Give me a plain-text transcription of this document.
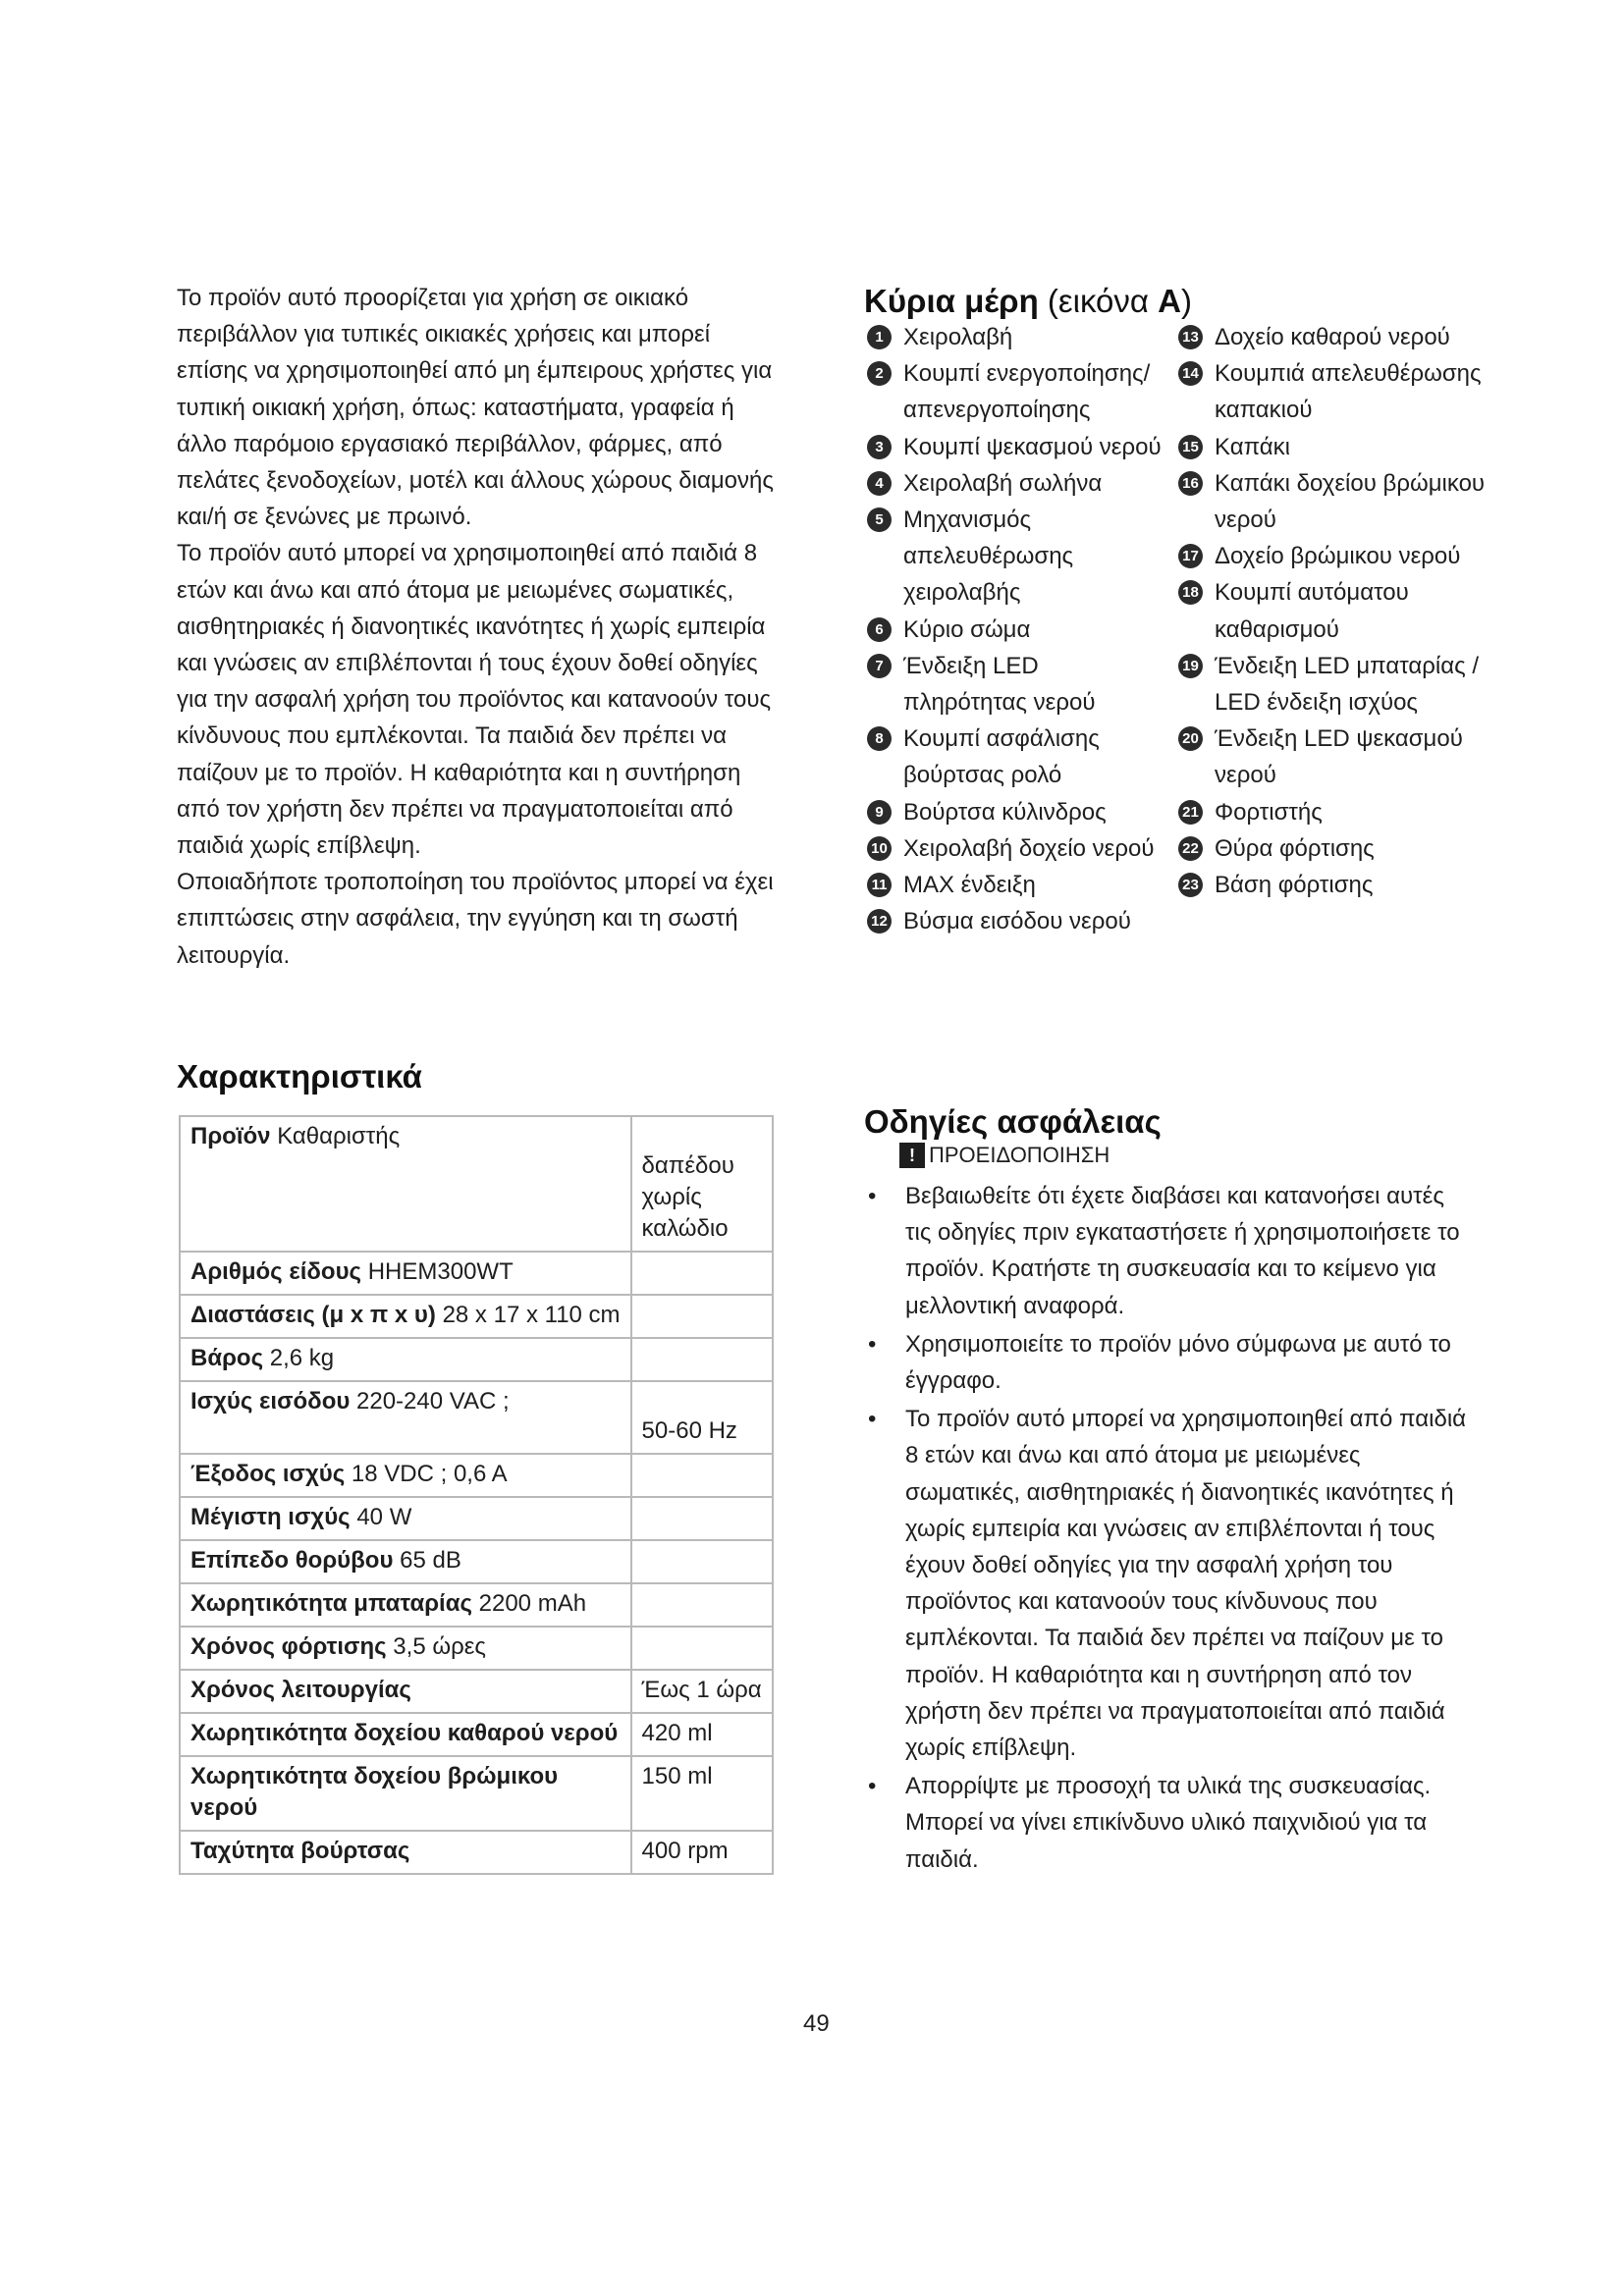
Το προϊόν αυτό προορίζεται για χρήση σε οικιακό περιβάλλον για τυπικές οικιακές χρήσεις και μπορεί επίσης να χρησιμοποιηθεί από μη έμπειρους χρήστες για τυπική οικιακή χρήση, όπως: καταστήματα, γραφεία ή άλλο παρόμοιο εργασιακό περιβάλλον, φάρμες, από πελάτες ξενοδοχείων, μοτέλ και άλλους χώρους διαμονής και/ή σε ξενώνες με πρωινό.

Το προϊόν αυτό μπορεί να χρησιμοποιηθεί από παιδιά 8 ετών και άνω και από άτομα με μειωμένες σωματικές, αισθητηριακές ή διανοητικές ικανότητες ή χωρίς εμπειρία και γνώσεις αν επιβλέπονται ή τους έχουν δοθεί οδηγίες για την ασφαλή χρήση του προϊόντος και κατανοούν τους κίνδυνους που εμπλέκονται. Τα παιδιά δεν πρέπει να παίζουν με το προϊόν. Η καθαριότητα και η συντήρηση από τον χρήστη δεν πρέπει να πραγματοποιείται από παιδιά χωρίς επίβλεψη.

Οποιαδήποτε τροποποίηση του προϊόντος μπορεί να έχει επιπτώσεις στην ασφάλεια, την εγγύηση και τη σωστή λειτουργία.

Χαρακτηριστικά
Προϊόν Καθαριστής	δαπέδου χωρίς καλώδιο

Αριθμός είδους HHEM300WT	
Διαστάσεις (μ x π x υ) 28 x 17 x 110 cm	
Βάρος 2,6 kg	
Ισχύς εισόδου 220-240 VAC ;	50-60 Hz

Έξοδος ισχύς 18 VDC ; 0,6 A	
Μέγιστη ισχύς 40 W	
Επίπεδο θορύβου 65 dB	
Χωρητικότητα μπαταρίας 2200 mAh	
Χρόνος φόρτισης 3,5 ώρες	
Χρόνος λειτουργίας	Έως 1 ώρα
Χωρητικότητα δοχείου καθαρού νερού	420 ml
Χωρητικότητα δοχείου βρώμικου νερού	150 ml
Ταχύτητα βούρτσας	400 rpm
Κύρια μέρη (εικόνα A)
1 Χειρολαβή
2 Κουμπί ενεργοποίησης/ απενεργοποίησης
3 Κουμπί ψεκασμού νερού
4 Χειρολαβή σωλήνα
5 Μηχανισμός απελευθέρωσης χειρολαβής
6 Κύριο σώμα
7 Ένδειξη LED πληρότητας νερού
8 Κουμπί ασφάλισης βούρτσας ρολό
9 Βούρτσα κύλινδρος
10 Χειρολαβή δοχείο νερού
11 MAX ένδειξη
12 Βύσμα εισόδου νερού
13 Δοχείο καθαρού νερού
14 Κουμπιά απελευθέρωσης καπακιού
15 Καπάκι
16 Καπάκι δοχείου βρώμικου νερού
17 Δοχείο βρώμικου νερού
18 Κουμπί αυτόματου καθαρισμού
19 Ένδειξη LED μπαταρίας / LED ένδειξη ισχύος
20 Ένδειξη LED ψεκασμού νερού
21 Φορτιστής
22 Θύρα φόρτισης
23 Βάση φόρτισης
Οδηγίες ασφάλειας
! ΠΡΟΕΙΔΟΠΟΙΗΣΗ
• Βεβαιωθείτε ότι έχετε διαβάσει και κατανοήσει αυτές τις οδηγίες πριν εγκαταστήσετε ή χρησιμοποιήσετε το προϊόν. Κρατήστε τη συσκευασία και το κείμενο για μελλοντική αναφορά.
• Χρησιμοποιείτε το προϊόν μόνο σύμφωνα με αυτό το έγγραφο.
• Το προϊόν αυτό μπορεί να χρησιμοποιηθεί από παιδιά 8 ετών και άνω και από άτομα με μειωμένες σωματικές, αισθητηριακές ή διανοητικές ικανότητες ή χωρίς εμπειρία και γνώσεις αν επιβλέπονται ή τους έχουν δοθεί οδηγίες για την ασφαλή χρήση του προϊόντος και κατανοούν τους κίνδυνους που εμπλέκονται. Τα παιδιά δεν πρέπει να παίζουν με το προϊόν. Η καθαριότητα και η συντήρηση από τον χρήστη δεν πρέπει να πραγματοποιείται από παιδιά χωρίς επίβλεψη.
• Απορρίψτε με προσοχή τα υλικά της συσκευασίας. Μπορεί να γίνει επικίνδυνο υλικό παιχνιδιού για τα παιδιά.
49
